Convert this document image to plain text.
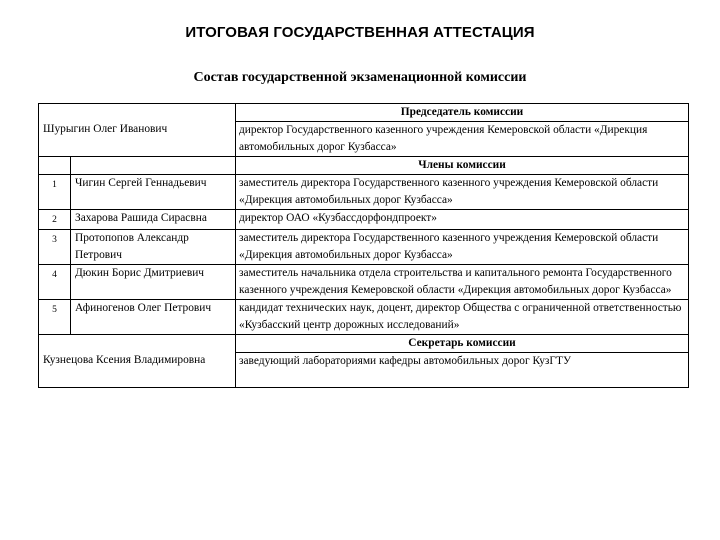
ИТОГОВАЯ ГОСУДАРСТВЕННАЯ АТТЕСТАЦИЯ
Состав государственной экзаменационной комиссии
Шурыгин Олег Иванович		Председатель комиссии
		директор Государственного казенного учреждения Кемеровской области «Дирекция автомобильных дорог Кузбасса»
		Члены комиссии
1	Чигин Сергей Геннадьевич	заместитель директора Государственного казенного учреждения Кемеровской области «Дирекция автомобильных дорог Кузбасса»
2	Захарова Рашида Сирасвна	директор ОАО «Кузбассдорфондпроект»
3	Протопопов Александр Петрович	заместитель директора Государственного казенного учреждения Кемеровской области «Дирекция автомобильных дорог Кузбасса»
4	Дюкин Борис Дмитриевич	заместитель начальника отдела строительства и капитального ремонта Государственного казенного учреждения Кемеровской области «Дирекция автомобильных дорог Кузбасса»
5	Афиногенов Олег Петрович	кандидат технических наук, доцент, директор Общества с ограниченной ответственностью «Кузбасский центр дорожных исследований»
Кузнецова Ксения Владимировна		Секретарь комиссии
		заведующий лабораториями кафедры автомобильных дорог КузГТУ
